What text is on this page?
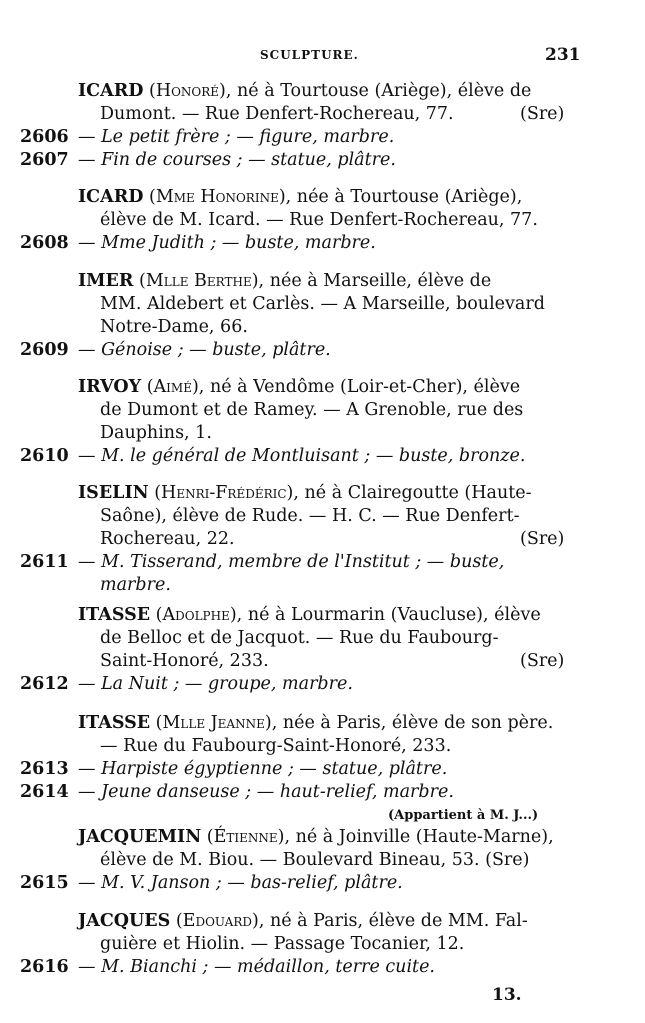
SCULPTURE.	231
ICARD (Honoré), né à Tourtouse (Ariège), élève de
Dumont. — Rue Denfert-Rochereau, 77.	(Sre)
2606 — Le petit frère ; — figure, marbre.
2607 — Fin de courses ; — statue, plâtre.
ICARD (Mme Honorine), née à Tourtouse (Ariège),
élève de M. Icard. — Rue Denfert-Rochereau, 77.
2608 — Mme Judith ; — buste, marbre.
IMER (Mlle Berthe), née à Marseille, élève de
MM. Aldebert et Carlès. — A Marseille, boulevard
Notre-Dame, 66.
2609 — Génoise ; — buste, plâtre.
IRVOY (Aimé), né à Vendôme (Loir-et-Cher), élève
de Dumont et de Ramey. — A Grenoble, rue des
Dauphins, 1.
2610 — M. le général de Montluisant ; — buste, bronze.
ISELIN (Henri-Frédéric), né à Clairegoutte (Haute-
Saône), élève de Rude. — H. C. — Rue Denfert-
Rochereau, 22.	(Sre)
2611 — M. Tisserand, membre de l'Institut ; — buste,
marbre.
ITASSE (Adolphe), né à Lourmarin (Vaucluse), élève
de Belloc et de Jacquot. — Rue du Faubourg-
Saint-Honoré, 233.	(Sre)
2612 — La Nuit ; — groupe, marbre.
ITASSE (Mlle Jeanne), née à Paris, élève de son père.
— Rue du Faubourg-Saint-Honoré, 233.
2613 — Harpiste égyptienne ; — statue, plâtre.
2614 — Jeune danseuse ; — haut-relief, marbre.
(Appartient à M. J...)
JACQUEMIN (Étienne), né à Joinville (Haute-Marne),
élève de M. Biou. — Boulevard Bineau, 53. (Sre)
2615 — M. V. Janson ; — bas-relief, plâtre.
JACQUES (Edouard), né à Paris, élève de MM. Fal-
guière et Hiolin. — Passage Tocanier, 12.
2616 — M. Bianchi ; — médaillon, terre cuite.
13.
